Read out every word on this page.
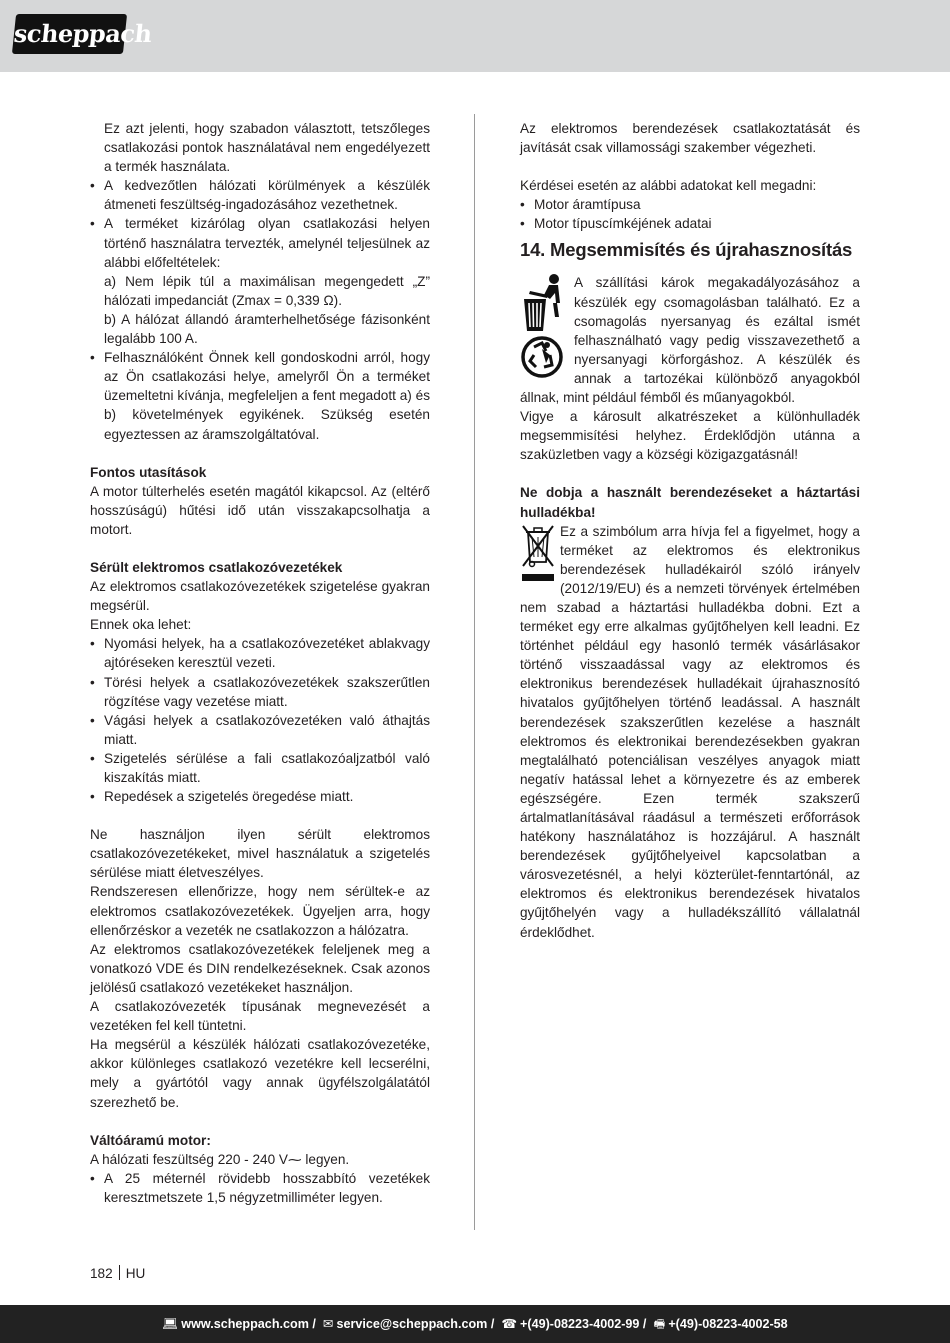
scheppach

Ez azt jelenti, hogy szabadon választott, tetszőleges csatlakozási pontok használatával nem engedélyezett a termék használata.

• A kedvezőtlen hálózati körülmények a készülék átmeneti feszültség-ingadozásához vezethetnek.
• A terméket kizárólag olyan csatlakozási helyen történő használatra tervezték, amelynél teljesülnek az alábbi előfeltételek:

a) Nem lépik túl a maximálisan megengedett „Z” hálózati impedanciát (Zmax = 0,339 Ω).

b) A hálózat állandó áramterhelhetősége fázisonként legalább 100 A.

• Felhasználóként Önnek kell gondoskodni arról, hogy az Ön csatlakozási helye, amelyről Ön a terméket üzemeltetni kívánja, megfeleljen a fent megadott a) és b) követelmények egyikének. Szükség esetén egyeztessen az áramszolgáltatóval.

Fontos utasítások

A motor túlterhelés esetén magától kikapcsol. Az (eltérő hosszúságú) hűtési idő után visszakapcsolhatja a motort.

Sérült elektromos csatlakozóvezetékek

Az elektromos csatlakozóvezetékek szigetelése gyakran megsérül.

Ennek oka lehet:

• Nyomási helyek, ha a csatlakozóvezetéket ablakvagy ajtóréseken keresztül vezeti.
• Törési helyek a csatlakozóvezetékek szakszerűtlen rögzítése vagy vezetése miatt.
• Vágási helyek a csatlakozóvezetéken való áthajtás miatt.
• Szigetelés sérülése a fali csatlakozóaljzatból való kiszakítás miatt.
• Repedések a szigetelés öregedése miatt.

Ne használjon ilyen sérült elektromos csatlakozóvezetékeket, mivel használatuk a szigetelés sérülése miatt életveszélyes.

Rendszeresen ellenőrizze, hogy nem sérültek-e az elektromos csatlakozóvezetékek. Ügyeljen arra, hogy ellenőrzéskor a vezeték ne csatlakozzon a hálózatra.

Az elektromos csatlakozóvezetékek feleljenek meg a vonatkozó VDE és DIN rendelkezéseknek. Csak azonos jelölésű csatlakozó vezetékeket használjon.

A csatlakozóvezeték típusának megnevezését a vezetéken fel kell tüntetni.

Ha megsérül a készülék hálózati csatlakozóvezetéke, akkor különleges csatlakozó vezetékre kell lecserélni, mely a gyártótól vagy annak ügyfélszolgálatától szerezhető be.

Váltóáramú motor:

A hálózati feszültség 220 - 240 V⁓ legyen.

• A 25 méternél rövidebb hosszabbító vezetékek keresztmetszete 1,5 négyzetmilliméter legyen.

Az elektromos berendezések csatlakoztatását és javítását csak villamossági szakember végezheti.

Kérdései esetén az alábbi adatokat kell megadni:

• Motor áramtípusa
• Motor típuscímkéjének adatai
14. Megsemmisítés és újrahasznosítás

A szállítási károk megakadályozásához a készülék egy csomagolásban található. Ez a csomagolás nyersanyag és ezáltal ismét felhasználható vagy pedig visszavezethető a nyersanyagi körforgáshoz. A készülék és annak a tartozékai különböző anyagokból állnak, mint például fémből és műanyagokból.

Vigye a károsult alkatrészeket a különhulladék megsemmisítési helyhez. Érdeklődjön utánna a szaküzletben vagy a községi közigazgatásnál!

Ne dobja a használt berendezéseket a háztartási hulladékba!

Ez a szimbólum arra hívja fel a figyelmet, hogy a terméket az elektromos és elektronikus berendezések hulladékairól szóló irányelv (2012/19/EU) és a nemzeti törvények értelmében nem szabad a háztartási hulladékba dobni. Ezt a terméket egy erre alkalmas gyűjtőhelyen kell leadni. Ez történhet például egy hasonló termék vásárlásakor történő visszaadással vagy az elektromos és elektronikus berendezések hulladékait újrahasznosító hivatalos gyűjtőhelyen történő leadással. A használt berendezések szakszerűtlen kezelése a használt elektromos és elektronikai berendezésekben gyakran megtalálható potenciálisan veszélyes anyagok miatt negatív hatással lehet a környezetre és az emberek egészségére. Ezen termék szakszerű ártalmatlanításával ráadásul a természeti erőforrások hatékony használatához is hozzájárul. A használt berendezések gyűjtőhelyeivel kapcsolatban a városvezetésnél, a helyi közterület-fenntartónál, az elektromos és elektronikus berendezések hivatalos gyűjtőhelyén vagy a hulladékszállító vállalatnál érdeklődhet.

182 HU
💻︎ www.scheppach.com / ✉︎ service@scheppach.com / ☎︎ +(49)-08223-4002-99 / 🖷︎ +(49)-08223-4002-58
